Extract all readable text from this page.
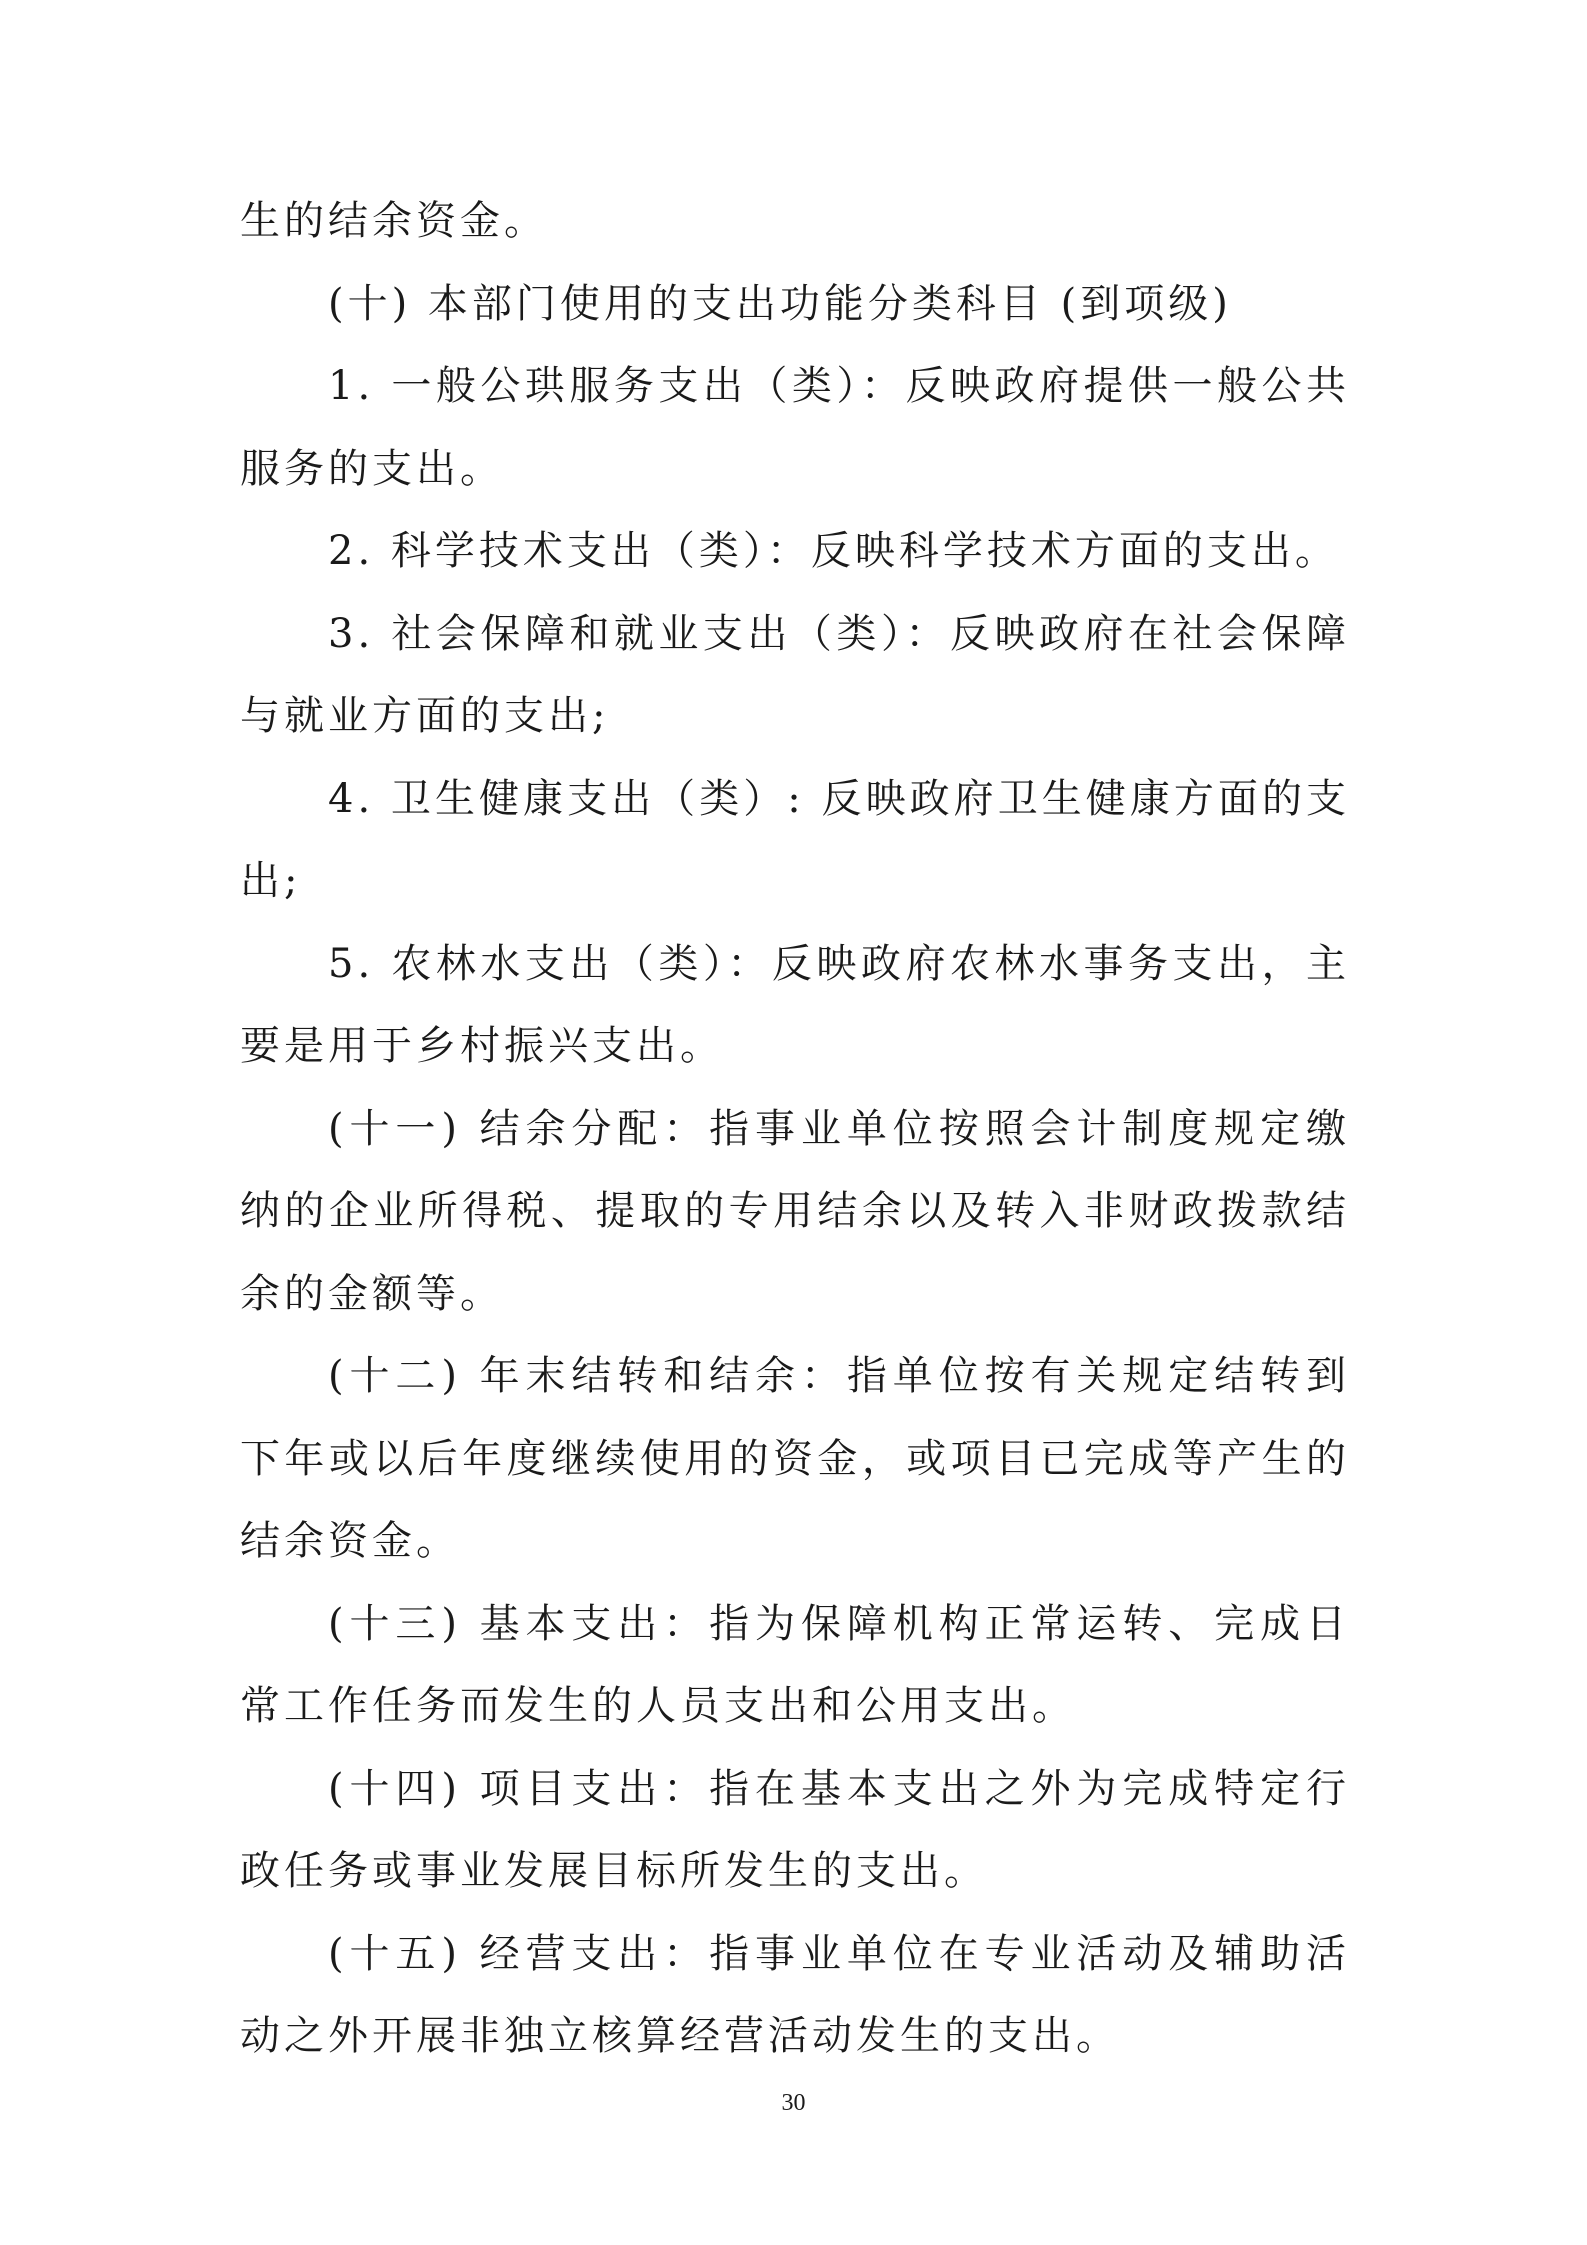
生的结余资金。

(十) 本部门使用的支出功能分类科目 (到项级)

1. 一般公珙服务支出（类）：反映政府提供一般公共服务的支出。

2. 科学技术支出（类）：反映科学技术方面的支出。

3. 社会保障和就业支出（类）：反映政府在社会保障与就业方面的支出;

4. 卫生健康支出（类）: 反映政府卫生健康方面的支出;

5. 农林水支出（类）：反映政府农林水事务支出，主要是用于乡村振兴支出。

(十一) 结余分配：指事业单位按照会计制度规定缴纳的企业所得税、提取的专用结余以及转入非财政拨款结余的金额等。

(十二) 年末结转和结余：指单位按有关规定结转到下年或以后年度继续使用的资金，或项目已完成等产生的结余资金。

(十三) 基本支出：指为保障机构正常运转、完成日常工作任务而发生的人员支出和公用支出。

(十四) 项目支出：指在基本支出之外为完成特定行政任务或事业发展目标所发生的支出。

(十五) 经营支出：指事业单位在专业活动及辅助活动之外开展非独立核算经营活动发生的支出。

30
